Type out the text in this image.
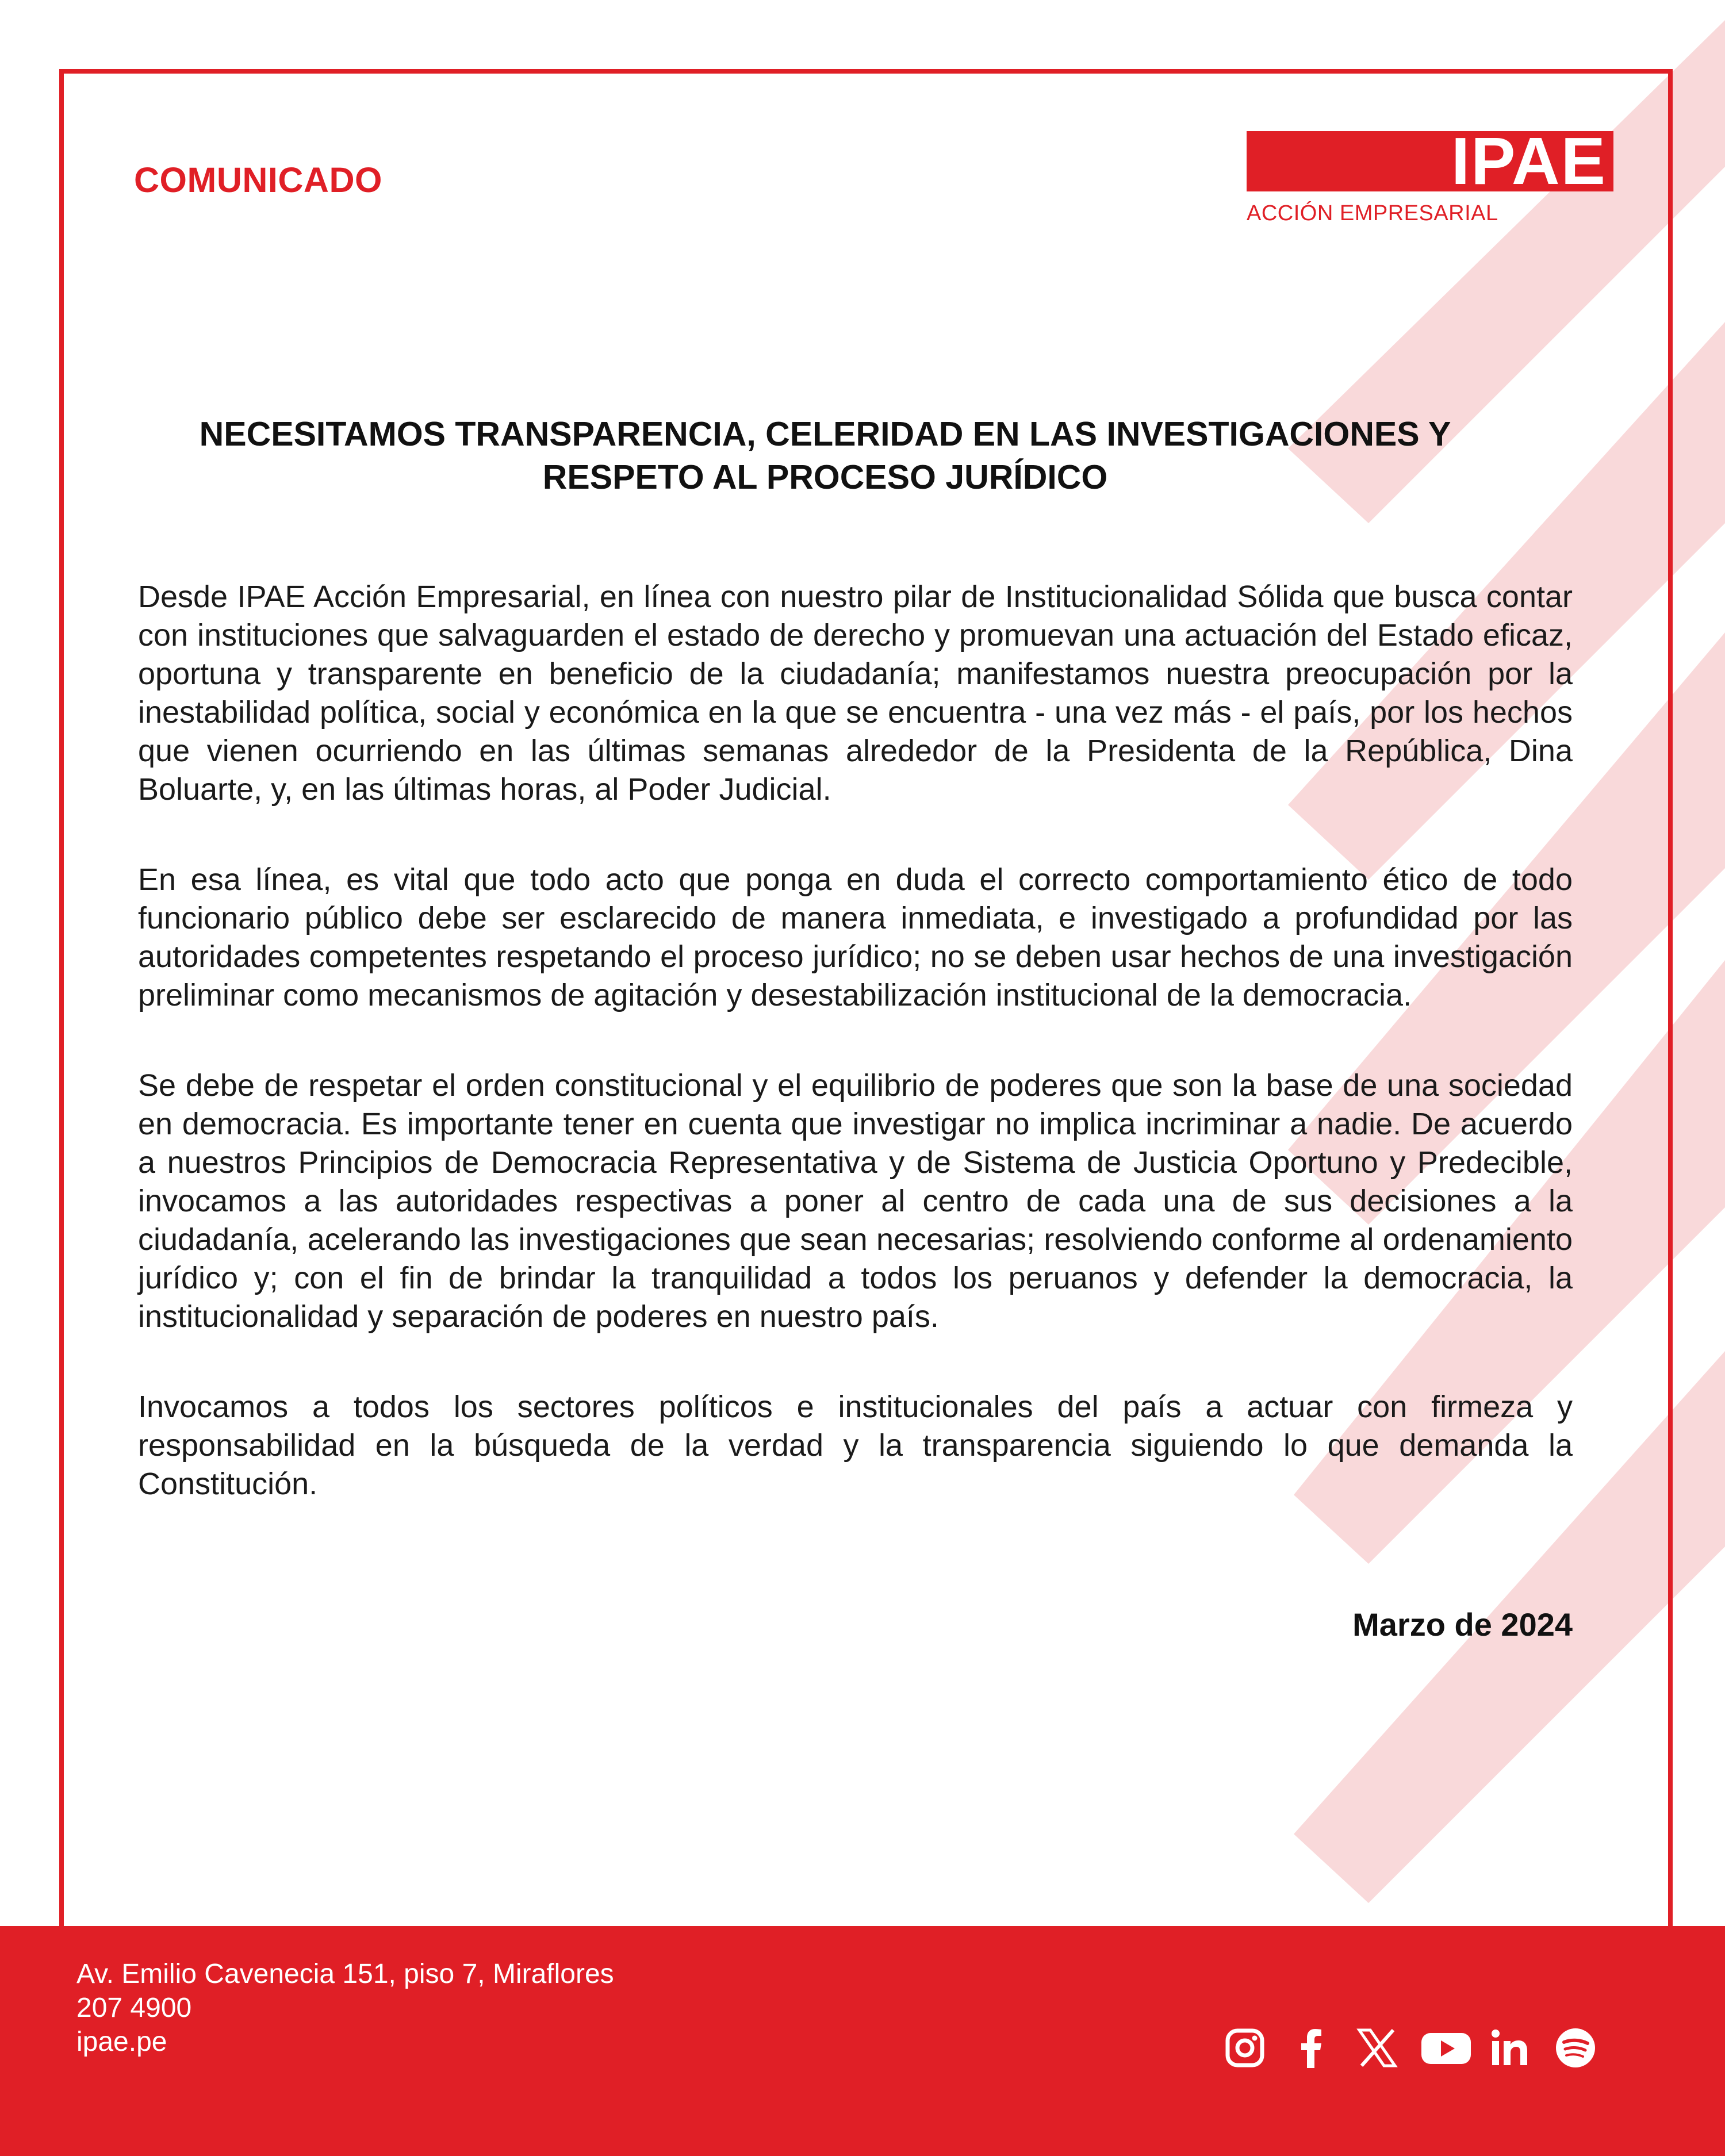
COMUNICADO	IPAE
ACCIÓN EMPRESARIAL
NECESITAMOS TRANSPARENCIA, CELERIDAD EN LAS INVESTIGACIONES Y
RESPETO AL PROCESO JURÍDICO

Desde IPAE Acción Empresarial, en línea con nuestro pilar de Institucionalidad Sólida que busca contar con instituciones que salvaguarden el estado de derecho y promuevan una actuación del Estado eficaz, oportuna y transparente en beneficio de la ciudadanía; manifestamos nuestra preocupación por la inestabilidad política, social y económica en la que se encuentra - una vez más - el país, por los hechos que vienen ocurriendo en las últimas semanas alrededor de la Presidenta de la República, Dina Boluarte, y, en las últimas horas, al Poder Judicial.

En esa línea, es vital que todo acto que ponga en duda el correcto comportamiento ético de todo funcionario público debe ser esclarecido de manera inmediata, e investigado a profundidad por las autoridades competentes respetando el proceso jurídico; no se deben usar hechos de una investigación preliminar como mecanismos de agitación y desestabilización institucional de la democracia.

Se debe de respetar el orden constitucional y el equilibrio de poderes que son la base de una sociedad en democracia. Es importante tener en cuenta que investigar no implica incriminar a nadie. De acuerdo a nuestros Principios de Democracia Representativa y de Sistema de Justicia Oportuno y Predecible, invocamos a las autoridades respectivas a poner al centro de cada una de sus decisiones a la ciudadanía, acelerando las investigaciones que sean necesarias; resolviendo conforme al ordenamiento jurídico y; con el fin de brindar la tranquilidad a todos los peruanos y defender la democracia, la institucionalidad y separación de poderes en nuestro país.

Invocamos a todos los sectores políticos e institucionales del país a actuar con firmeza y responsabilidad en la búsqueda de la verdad y la transparencia siguiendo lo que demanda la Constitución.

Marzo de 2024
Av. Emilio Cavenecia 151, piso 7, Miraflores
207 4900
ipae.pe
